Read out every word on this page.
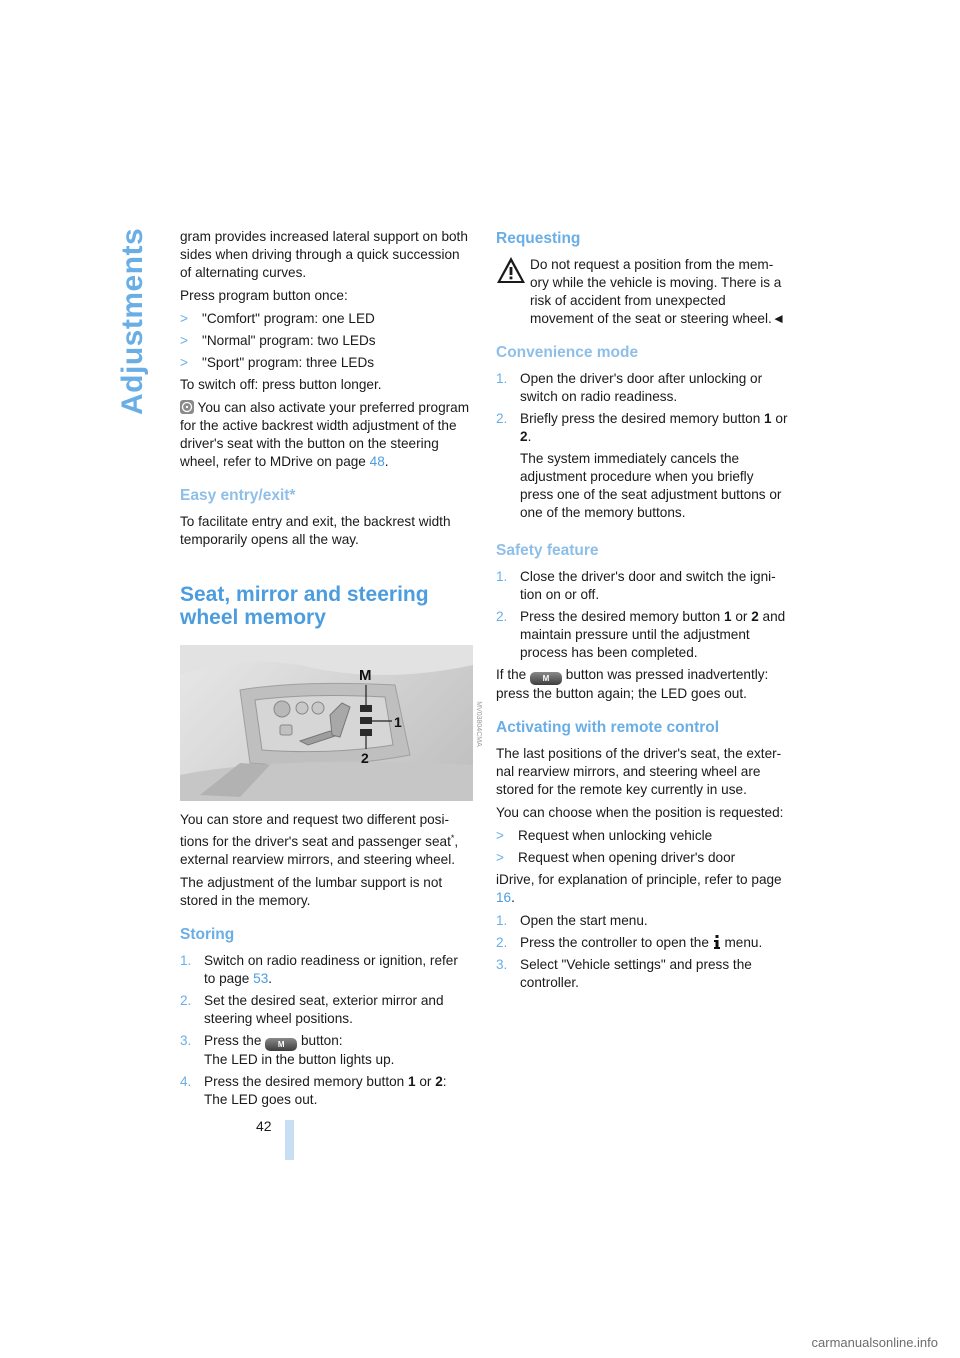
Adjustments	gram provides increased lateral support on both sides when driving through a quick succession of alternating curves.

Press program button once:

>	"Comfort" program: one LED
>	"Normal" program: two LEDs
>	"Sport" program: three LEDs

To switch off: press button longer.

You can also activate your preferred program for the active backrest width adjustment of the driver's seat with the button on the steering wheel, refer to MDrive on page 48.

Easy entry/exit*

To facilitate entry and exit, the backrest width temporarily opens all the way.

Seat, mirror and steering
wheel memory
M
1
2
MV03804CMA

You can store and request two different posi-tions for the driver's seat and passenger seat*, external rearview mirrors, and steering wheel.

The adjustment of the lumbar support is not stored in the memory.

Storing
1. Switch on radio readiness or ignition, refer to page 53.
2. Set the desired seat, exterior mirror and steering wheel positions.
3. Press the M button:
The LED in the button lights up.
4. Press the desired memory button 1 or 2:
The LED goes out.
Requesting
Do not request a position from the mem-ory while the vehicle is moving. There is a risk of accident from unexpected movement of the seat or steering wheel.◄
Convenience mode
1. Open the driver's door after unlocking or switch on radio readiness.
2. Briefly press the desired memory button 1 or 2.

The system immediately cancels the adjustment procedure when you briefly press one of the seat adjustment buttons or one of the memory buttons.

Safety feature
1. Close the driver's door and switch the igni-tion on or off.
2. Press the desired memory button 1 or 2 and maintain pressure until the adjustment process has been completed.

If the M button was pressed inadvertently: press the button again; the LED goes out.

Activating with remote control

The last positions of the driver's seat, the exter-nal rearview mirrors, and steering wheel are stored for the remote key currently in use.

You can choose when the position is requested:

>	Request when unlocking vehicle
>	Request when opening driver's door

iDrive, for explanation of principle, refer to page 16.

1. Open the start menu.
2. Press the controller to open the menu.
3. Select "Vehicle settings" and press the controller.
42
carmanualsonline.info
